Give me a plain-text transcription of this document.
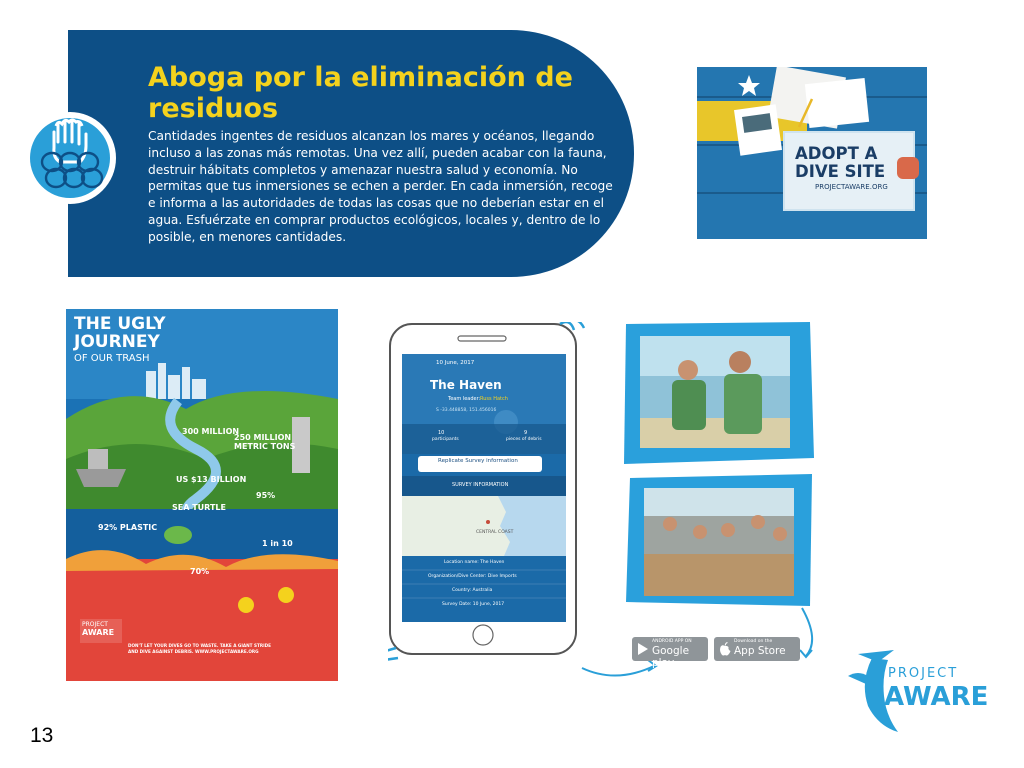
Aboga por la eliminación de residuos

Cantidades ingentes de residuos alcanzan los mares y océanos, llegando incluso a las zonas más remotas. Una vez allí, pueden acabar con la fauna, destruir hábitats completos y amenazar nuestra salud y economía. No permitas que tus inmersiones se echen a perder. En cada inmersión, recoge e informa a las autoridades de todas las cosas que no deberían estar en el agua. Esfuérzate en comprar productos ecológicos, locales y, dentro de lo posible, en menores cantidades.

ADOPT A
DIVE SITE
PROJECTAWARE.ORG
THE UGLY
JOURNEY
OF OUR TRASH
300 MILLION
250 MILLION
METRIC TONS
US $13 BILLION
SEA TURTLE
95%
92% PLASTIC
1 in 10
70%
PROJECT
AWARE
DON'T LET YOUR DIVES GO TO WASTE. TAKE A GIANT STRIDE
AND DIVE AGAINST DEBRIS. WWW.PROJECTAWARE.ORG
10 June, 2017
The Haven
Team leader: Russ Hatch
S -33.448858, 151.456016
10
participants
9
pieces of debris
Replicate Survey information
SURVEY INFORMATION
CENTRAL COAST
Location name: The Haven
Organization/Dive Center: Dive Imports
Country: Australia
Survey Date: 10 June, 2017
ANDROID APP ON
Google play
Download on the
App Store
PROJECT
AWARE

13
